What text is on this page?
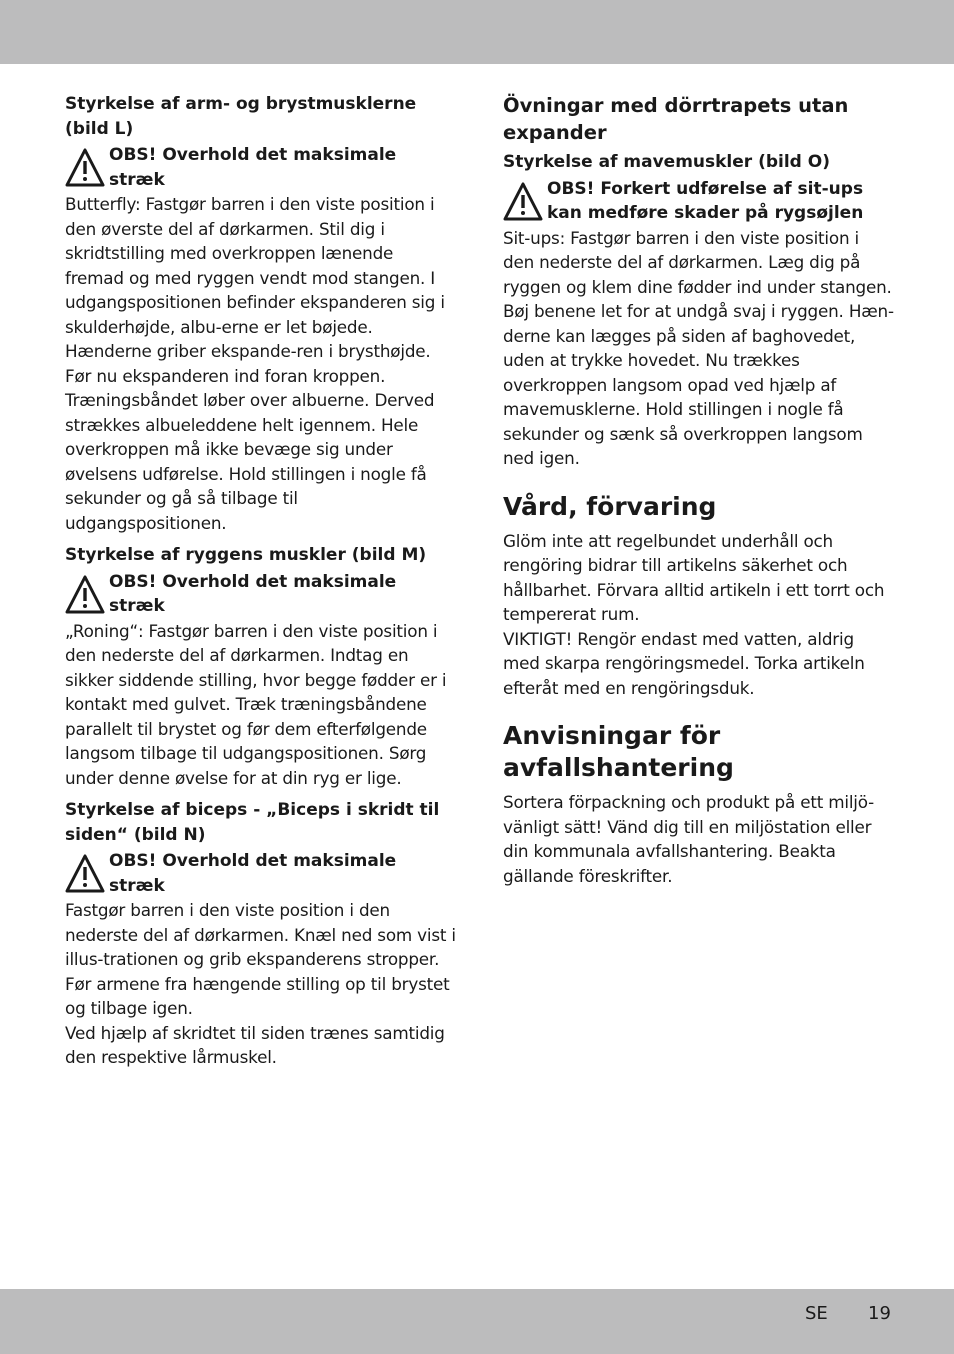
Styrkelse af arm- og brystmusklerne (bild L)

OBS! Overhold det maksimale stræk

Butterfly: Fastgør barren i den viste position i den øverste del af dørkarmen. Stil dig i skridtstilling med overkroppen lænende fremad og med ryggen vendt mod stangen. I udgangspositionen befinder ekspanderen sig i skulderhøjde, albu-erne er let bøjede. Hænderne griber ekspande-ren i brysthøjde. Før nu ekspanderen ind foran kroppen. Træningsbåndet løber over albuerne. Derved strækkes albueleddene helt igennem. Hele overkroppen må ikke bevæge sig under øvelsens udførelse. Hold stillingen i nogle få sekunder og gå så tilbage til udgangspositionen.

Styrkelse af ryggens muskler (bild M)

OBS! Overhold det maksimale stræk

„Roning“: Fastgør barren i den viste position i den nederste del af dørkarmen. Indtag en sikker siddende stilling, hvor begge fødder er i kontakt med gulvet. Træk træningsbåndene parallelt til brystet og før dem efterfølgende langsom tilbage til udgangspositionen. Sørg under denne øvelse for at din ryg er lige.

Styrkelse af biceps - „Biceps i skridt til siden“ (bild N)

OBS! Overhold det maksimale stræk

Fastgør barren i den viste position i den nederste del af dørkarmen. Knæl ned som vist i illus-trationen og grib ekspanderens stropper. Før armene fra hængende stilling op til brystet og tilbage igen.

Ved hjælp af skridtet til siden trænes samtidig den respektive lårmuskel.

Övningar med dörrtrapets utan expander

Styrkelse af mavemuskler (bild O)

OBS! Forkert udførelse af sit-ups kan medføre skader på rygsøjlen

Sit-ups: Fastgør barren i den viste position i den nederste del af dørkarmen. Læg dig på ryggen og klem dine fødder ind under stangen. Bøj benene let for at undgå svaj i ryggen. Hæn-derne kan lægges på siden af baghovedet, uden at trykke hovedet. Nu trækkes overkroppen langsom opad ved hjælp af mavemusklerne. Hold stillingen i nogle få sekunder og sænk så overkroppen langsom ned igen.

Vård, förvaring

Glöm inte att regelbundet underhåll och rengöring bidrar till artikelns säkerhet och hållbarhet. Förvara alltid artikeln i ett torrt och tempererat rum.

VIKTIGT! Rengör endast med vatten, aldrig med skarpa rengöringsmedel. Torka artikeln efteråt med en rengöringsduk.

Anvisningar för avfallshantering

Sortera förpackning och produkt på ett miljö-vänligt sätt! Vänd dig till en miljöstation eller din kommunala avfallshantering. Beakta gällande föreskrifter.

SE 19
